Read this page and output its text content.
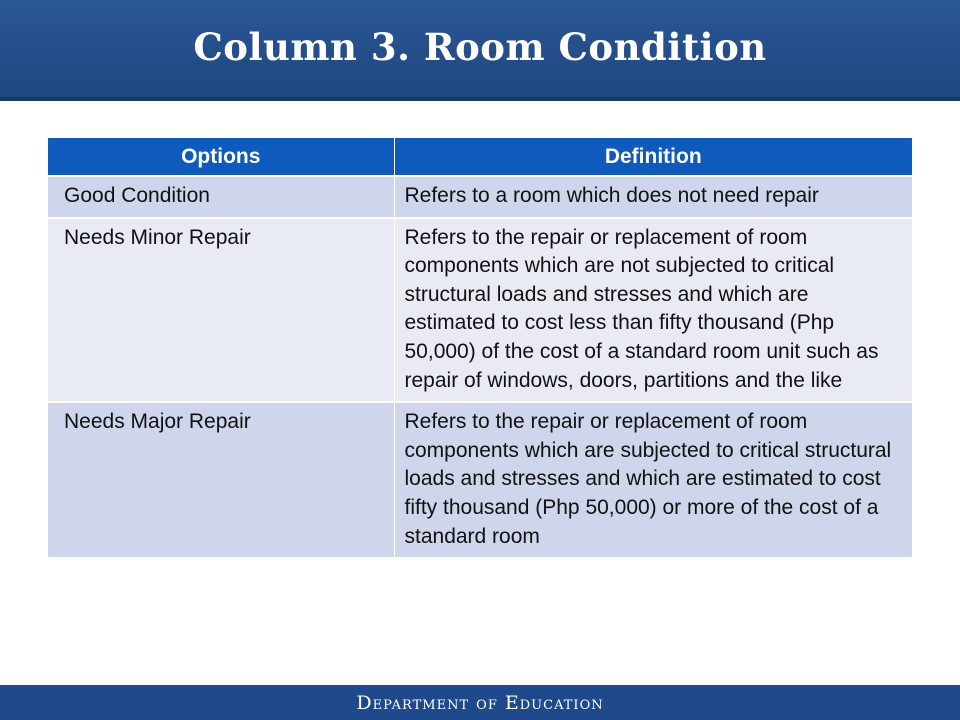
Column 3. Room Condition
Options	Definition
Good Condition	Refers to a room which does not need repair
Needs Minor Repair	Refers to the repair or replacement of room components which are not subjected to critical structural loads and stresses and which are estimated to cost less than fifty thousand (Php 50,000) of the cost of a standard room unit such as repair of windows, doors, partitions and the like
Needs Major Repair	Refers to the repair or replacement of room components which are subjected to critical structural loads and stresses and which are estimated to cost fifty thousand (Php 50,000) or more of the cost of a standard room
Department of Education
